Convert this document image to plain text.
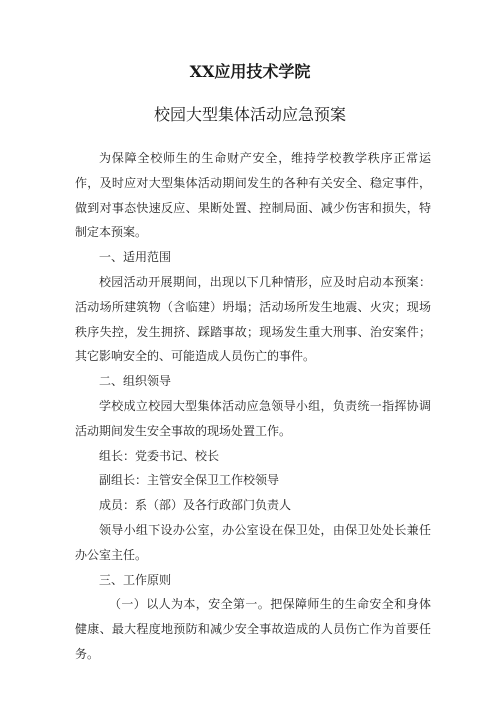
XX应用技术学院
校园大型集体活动应急预案

为保障全校师生的生命财产安全，维持学校教学秩序正常运作，及时应对大型集体活动期间发生的各种有关安全、稳定事件，做到对事态快速反应、果断处置、控制局面、减少伤害和损失，特制定本预案。

一、适用范围

校园活动开展期间，出现以下几种情形，应及时启动本预案：活动场所建筑物（含临建）坍塌；活动场所发生地震、火灾；现场秩序失控，发生拥挤、踩踏事故；现场发生重大刑事、治安案件；其它影响安全的、可能造成人员伤亡的事件。

二、组织领导

学校成立校园大型集体活动应急领导小组，负责统一指挥协调活动期间发生安全事故的现场处置工作。

组长：党委书记、校长

副组长：主管安全保卫工作校领导

成员：系（部）及各行政部门负责人

领导小组下设办公室，办公室设在保卫处，由保卫处处长兼任办公室主任。

三、工作原则

（一）以人为本，安全第一。把保障师生的生命安全和身体健康、最大程度地预防和减少安全事故造成的人员伤亡作为首要任务。
